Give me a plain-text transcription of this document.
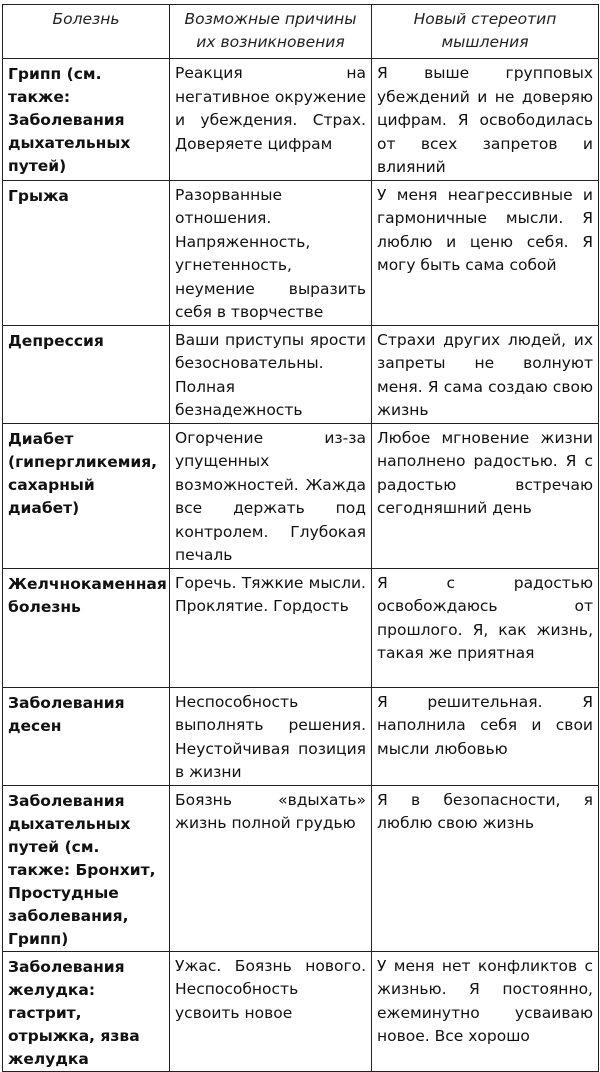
Болезнь	Возможные причины их возникновения	Новый стереотип мышления
Грипп (см. также: Заболевания дыхательных путей)	Реакция на негативное окружение и убеждения. Страх. Доверяете цифрам	Я выше групповых убеждений и не доверяю цифрам. Я освободилась от всех запретов и влияний
Грыжа	Разорванные отношения. Напряженность, угнетенность, неумение выразить себя в творчестве	У меня неагрессивные и гармоничные мысли. Я люблю и ценю себя. Я могу быть сама собой
Депрессия	Ваши приступы ярости безосновательны. Полная безнадежность	Страхи других людей, их запреты не волнуют меня. Я сама создаю свою жизнь
Диабет (гипергликемия, сахарный диабет)	Огорчение из-за упущенных возможностей. Жажда все держать под контролем. Глубокая печаль	Любое мгновение жизни наполнено радостью. Я с радостью встречаю сегодняшний день
Желчнокаменная болезнь	Горечь. Тяжкие мысли. Проклятие. Гордость	Я с радостью освобождаюсь от прошлого. Я, как жизнь, такая же приятная
Заболевания десен	Неспособность выполнять решения. Неустойчивая позиция в жизни	Я решительная. Я наполнила себя и свои мысли любовью
Заболевания дыхательных путей (см. также: Бронхит, Простудные заболевания, Грипп)	Боязнь «вдыхать» жизнь полной грудью	Я в безопасности, я люблю свою жизнь
Заболевания желудка: гастрит, отрыжка, язва желудка	Ужас. Боязнь нового. Неспособность усвоить новое	У меня нет конфликтов с жизнью. Я постоянно, ежеминутно усваиваю новое. Все хорошо
